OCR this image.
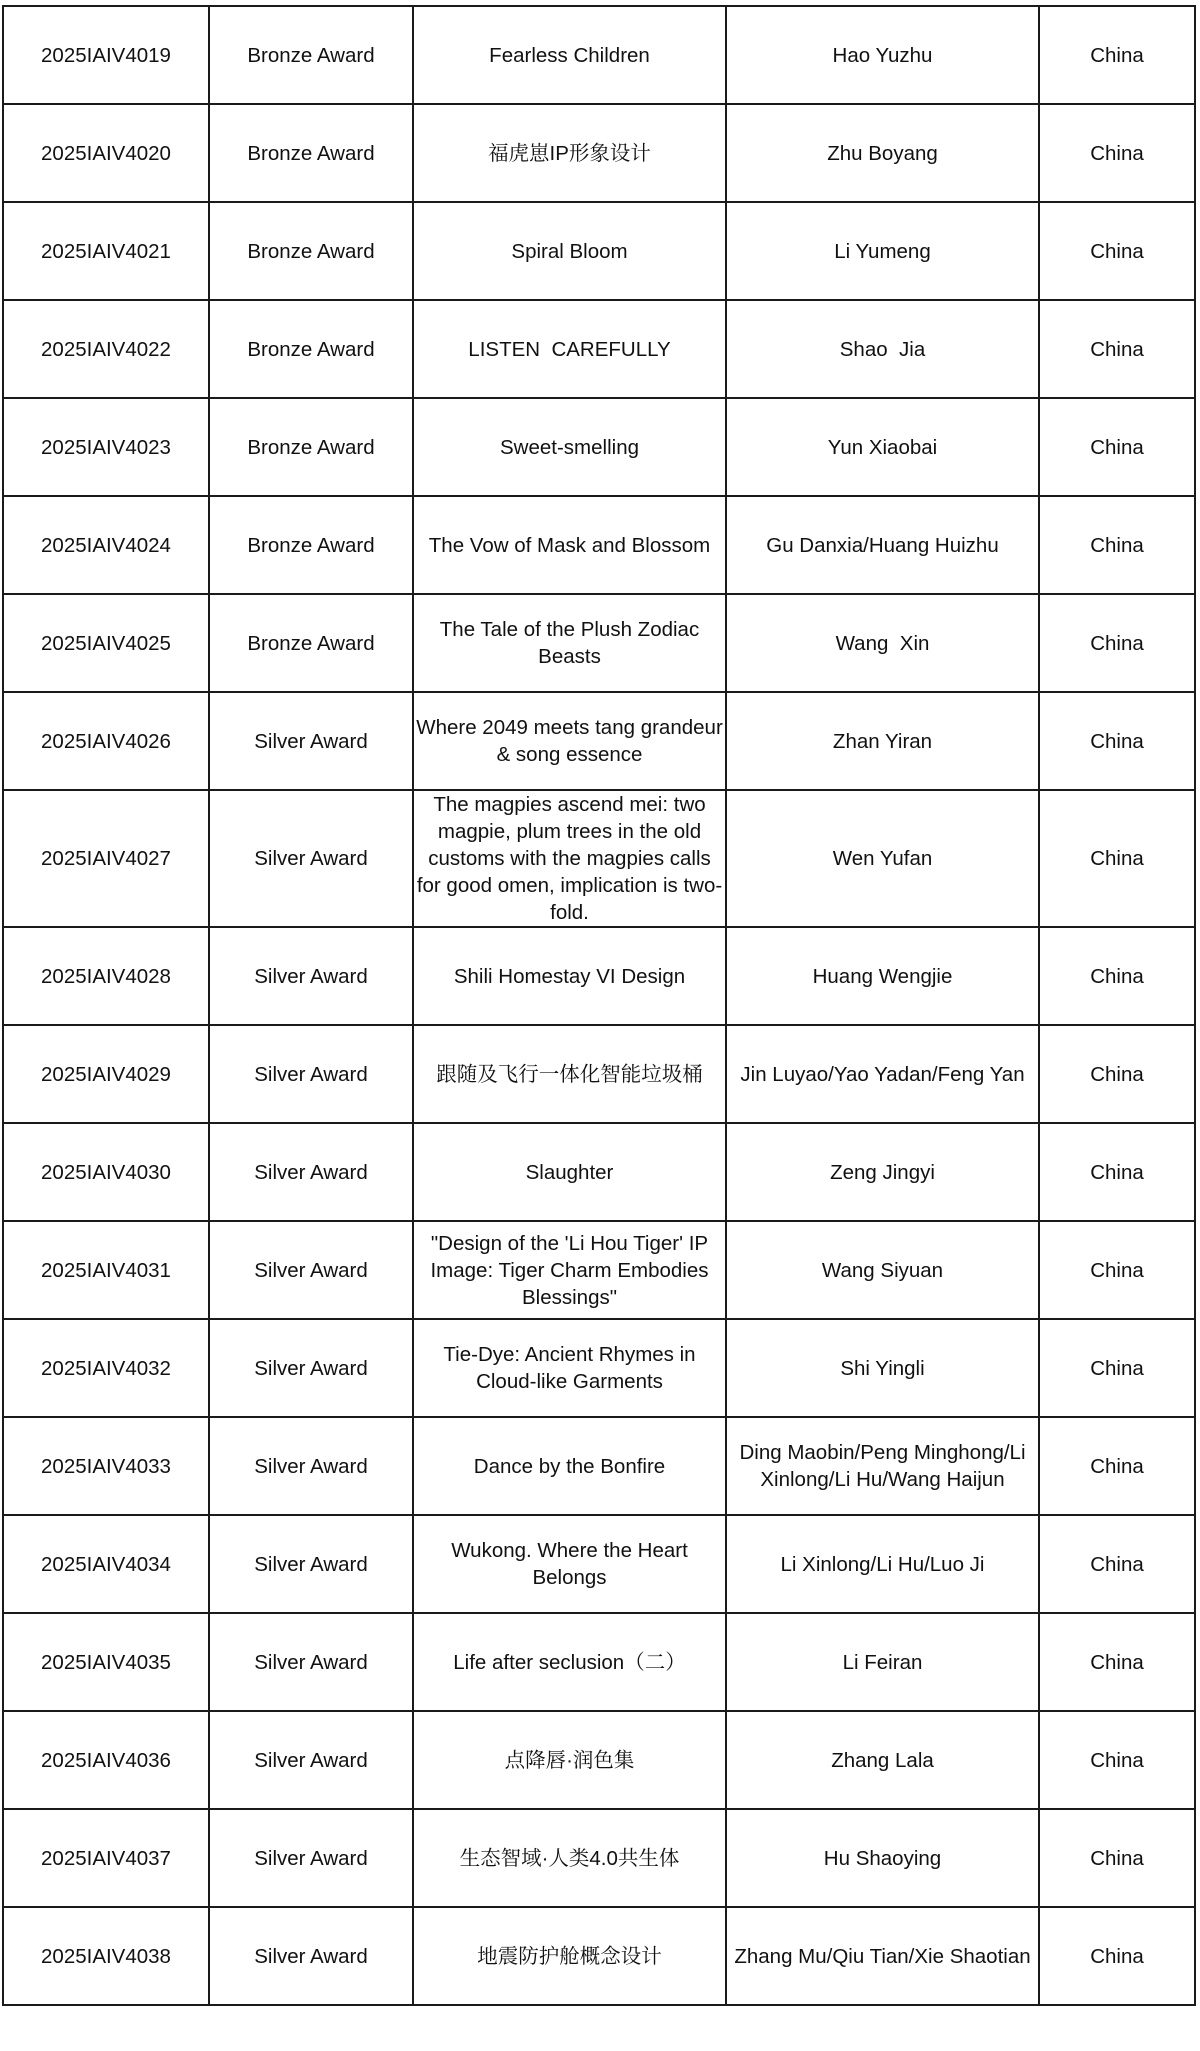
2025IAIV4019	Bronze Award	Fearless Children	Hao Yuzhu	China
2025IAIV4020	Bronze Award	福虎崽IP形象设计	Zhu Boyang	China
2025IAIV4021	Bronze Award	Spiral Bloom	Li Yumeng	China
2025IAIV4022	Bronze Award	LISTEN  CAREFULLY	Shao  Jia	China
2025IAIV4023	Bronze Award	Sweet-smelling	Yun Xiaobai	China
2025IAIV4024	Bronze Award	The Vow of Mask and Blossom	Gu Danxia/Huang Huizhu	China
2025IAIV4025	Bronze Award	The Tale of the Plush Zodiac Beasts	Wang  Xin	China
2025IAIV4026	Silver Award	Where 2049 meets tang grandeur & song essence	Zhan Yiran	China
2025IAIV4027	Silver Award	The magpies ascend mei: two magpie, plum trees in the old customs with the magpies calls for good omen, implication is two-fold.	Wen Yufan	China
2025IAIV4028	Silver Award	Shili Homestay VI Design	Huang Wengjie	China
2025IAIV4029	Silver Award	跟随及飞行一体化智能垃圾桶	Jin Luyao/Yao Yadan/Feng Yan	China
2025IAIV4030	Silver Award	Slaughter	Zeng Jingyi	China
2025IAIV4031	Silver Award	"Design of the 'Li Hou Tiger' IP Image: Tiger Charm Embodies Blessings"	Wang Siyuan	China
2025IAIV4032	Silver Award	Tie-Dye: Ancient Rhymes in Cloud-like Garments	Shi Yingli	China
2025IAIV4033	Silver Award	Dance by the Bonfire	Ding Maobin/Peng Minghong/Li Xinlong/Li Hu/Wang Haijun	China
2025IAIV4034	Silver Award	Wukong. Where the Heart Belongs	Li Xinlong/Li Hu/Luo Ji	China
2025IAIV4035	Silver Award	Life after seclusion（二）	Li Feiran	China
2025IAIV4036	Silver Award	点降唇·润色集	Zhang Lala	China
2025IAIV4037	Silver Award	生态智域·人类4.0共生体	Hu Shaoying	China
2025IAIV4038	Silver Award	地震防护舱概念设计	Zhang Mu/Qiu Tian/Xie Shaotian	China
